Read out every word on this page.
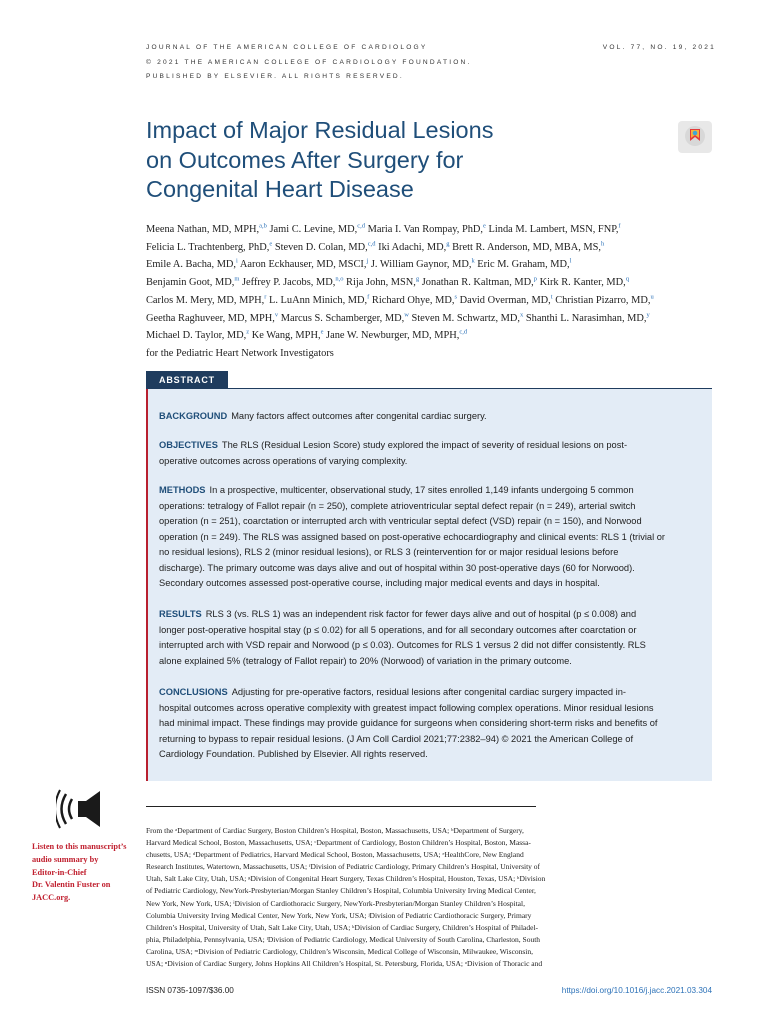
JOURNAL OF THE AMERICAN COLLEGE OF CARDIOLOGY
© 2021 THE AMERICAN COLLEGE OF CARDIOLOGY FOUNDATION.
PUBLISHED BY ELSEVIER. ALL RIGHTS RESERVED.
VOL. 77, NO. 19, 2021
Impact of Major Residual Lesions
on Outcomes After Surgery for
Congenital Heart Disease
Meena Nathan, MD, MPH,$^{a,b}$ Jami C. Levine, MD,$^{c,d}$ Maria I. Van Rompay, PhD,$^e$ Linda M. Lambert, MSN, FNP,$^f$
Felicia L. Trachtenberg, PhD,$^e$ Steven D. Colan, MD,$^{c,d}$ Iki Adachi, MD,$^g$ Brett R. Anderson, MD, MBA, MS,$^h$
Emile A. Bacha, MD,$^i$ Aaron Eckhauser, MD, MSCI,$^j$ J. William Gaynor, MD,$^k$ Eric M. Graham, MD,$^l$
Benjamin Goot, MD,$^m$ Jeffrey P. Jacobs, MD,$^{n,o}$ Rija John, MSN,$^g$ Jonathan R. Kaltman, MD,$^p$ Kirk R. Kanter, MD,$^q$
Carlos M. Mery, MD, MPH,$^r$ L. LuAnn Minich, MD,$^f$ Richard Ohye, MD,$^s$ David Overman, MD,$^t$ Christian Pizarro, MD,$^u$
Geetha Raghuveer, MD, MPH,$^v$ Marcus S. Schamberger, MD,$^w$ Steven M. Schwartz, MD,$^x$ Shanthi L. Narasimhan, MD,$^y$
Michael D. Taylor, MD,$^z$ Ke Wang, MPH,$^e$ Jane W. Newburger, MD, MPH,$^{c,d}$
for the Pediatric Heart Network Investigators
ABSTRACT
BACKGROUND Many factors affect outcomes after congenital cardiac surgery.
OBJECTIVES The RLS (Residual Lesion Score) study explored the impact of severity of residual lesions on post-
operative outcomes across operations of varying complexity.
METHODS In a prospective, multicenter, observational study, 17 sites enrolled 1,149 infants undergoing 5 common
operations: tetralogy of Fallot repair (n = 250), complete atrioventricular septal defect repair (n = 249), arterial switch
operation (n = 251), coarctation or interrupted arch with ventricular septal defect (VSD) repair (n = 150), and Norwood
operation (n = 249). The RLS was assigned based on post-operative echocardiography and clinical events: RLS 1 (trivial or
no residual lesions), RLS 2 (minor residual lesions), or RLS 3 (reintervention for or major residual lesions before
discharge). The primary outcome was days alive and out of hospital within 30 post-operative days (60 for Norwood).
Secondary outcomes assessed post-operative course, including major medical events and days in hospital.
RESULTS RLS 3 (vs. RLS 1) was an independent risk factor for fewer days alive and out of hospital (p ≤ 0.008) and
longer post-operative hospital stay (p ≤ 0.02) for all 5 operations, and for all secondary outcomes after coarctation or
interrupted arch with VSD repair and Norwood (p ≤ 0.03). Outcomes for RLS 1 versus 2 did not differ consistently. RLS
alone explained 5% (tetralogy of Fallot repair) to 20% (Norwood) of variation in the primary outcome.
CONCLUSIONS Adjusting for pre-operative factors, residual lesions after congenital cardiac surgery impacted in-
hospital outcomes across operative complexity with greatest impact following complex operations. Minor residual lesions
had minimal impact. These findings may provide guidance for surgeons when considering short-term risks and benefits of
returning to bypass to repair residual lesions. (J Am Coll Cardiol 2021;77:2382–94) © 2021 the American College of
Cardiology Foundation. Published by Elsevier. All rights reserved.
Listen to this manuscript’s
audio summary by
Editor-in-Chief
Dr. Valentin Fuster on
JACC.org.
From the ᵃDepartment of Cardiac Surgery, Boston Children’s Hospital, Boston, Massachusetts, USA; ᵇDepartment of Surgery,
Harvard Medical School, Boston, Massachusetts, USA; ᶜDepartment of Cardiology, Boston Children’s Hospital, Boston, Massa-
chusetts, USA; ᵈDepartment of Pediatrics, Harvard Medical School, Boston, Massachusetts, USA; ᵉHealthCore, New England
Research Institutes, Watertown, Massachusetts, USA; ᶠDivision of Pediatric Cardiology, Primary Children’s Hospital, University of
Utah, Salt Lake City, Utah, USA; ᵍDivision of Congenital Heart Surgery, Texas Children’s Hospital, Houston, Texas, USA; ʰDivision
of Pediatric Cardiology, NewYork-Presbyterian/Morgan Stanley Children’s Hospital, Columbia University Irving Medical Center,
New York, New York, USA; ⁱDivision of Cardiothoracic Surgery, NewYork-Presbyterian/Morgan Stanley Children’s Hospital,
Columbia University Irving Medical Center, New York, New York, USA; ʲDivision of Pediatric Cardiothoracic Surgery, Primary
Children’s Hospital, University of Utah, Salt Lake City, Utah, USA; ᵏDivision of Cardiac Surgery, Children’s Hospital of Philadel-
phia, Philadelphia, Pennsylvania, USA; ˡDivision of Pediatric Cardiology, Medical University of South Carolina, Charleston, South
Carolina, USA; ᵐDivision of Pediatric Cardiology, Children’s Wisconsin, Medical College of Wisconsin, Milwaukee, Wisconsin,
USA; ⁿDivision of Cardiac Surgery, Johns Hopkins All Children’s Hospital, St. Petersburg, Florida, USA; ᵒDivision of Thoracic and
ISSN 0735-1097/$36.00	https://doi.org/10.1016/j.jacc.2021.03.304
